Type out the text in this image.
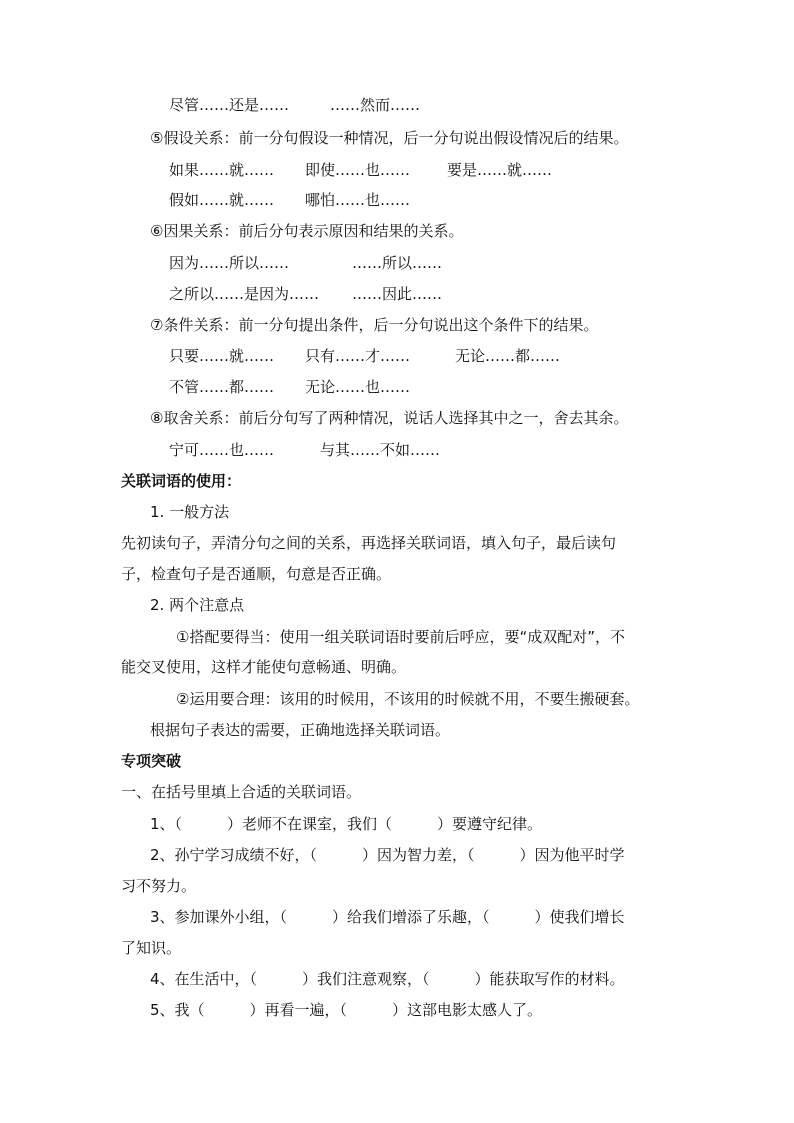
尽管……还是……	……然而……
⑤假设关系：前一分句假设一种情况，后一分句说出假设情况后的结果。
如果……就…… 即使……也…… 要是……就……
假如……就…… 哪怕……也……
⑥因果关系：前后分句表示原因和结果的关系。
因为……所以……	……所以……
之所以……是因为…… ……因此……
⑦条件关系：前一分句提出条件，后一分句说出这个条件下的结果。
只要……就…… 只有……才……	无论……都……
不管……都…… 无论……也……
⑧取舍关系：前后分句写了两种情况，说话人选择其中之一，舍去其余。
宁可……也……	与其……不如……
关联词语的使用：
1. 一般方法
先初读句子，弄清分句之间的关系，再选择关联词语，填入句子，最后读句
子，检查句子是否通顺，句意是否正确。
2. 两个注意点
①搭配要得当：使用一组关联词语时要前后呼应，要“成双配对”，不
能交叉使用，这样才能使句意畅通、明确。
②运用要合理：该用的时候用，不该用的时候就不用，不要生搬硬套。
根据句子表达的需要，正确地选择关联词语。
专项突破
一、在括号里填上合适的关联词语。
1、（　　　）老师不在课室，我们（　　　）要遵守纪律。
2、孙宁学习成绩不好，（　　　）因为智力差，（　　　）因为他平时学
习不努力。
3、参加课外小组，（　　　）给我们增添了乐趣，（　　　）使我们增长
了知识。
4、在生活中，（　　　）我们注意观察，（　　　）能获取写作的材料。
5、我（　　　）再看一遍，（　　　）这部电影太感人了。
